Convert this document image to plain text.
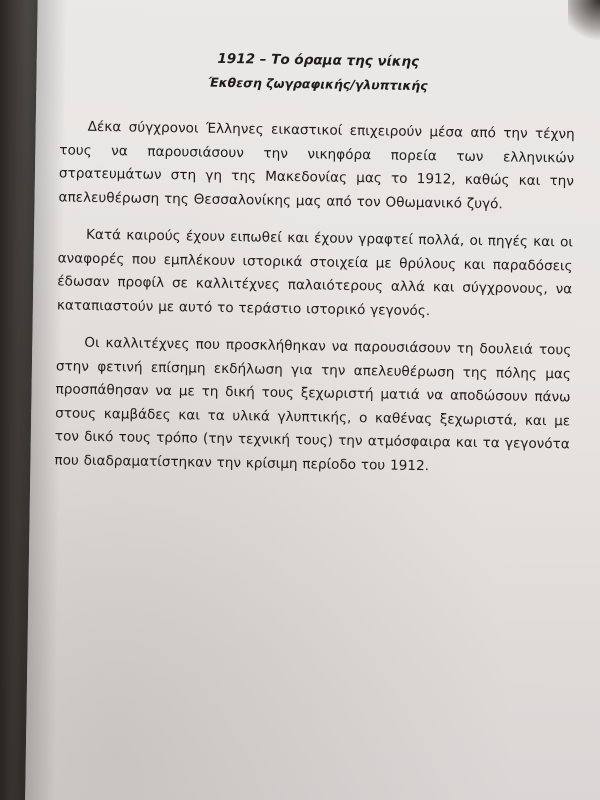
1912 – Το όραμα της νίκης

Έκθεση ζωγραφικής/γλυπτικής

Δέκα σύγχρονοι Έλληνες εικαστικοί επιχειρούν μέσα από την τέχνη τους να παρουσιάσουν την νικηφόρα πορεία των ελληνικών στρατευμάτων στη γη της Μακεδονίας μας το 1912, καθώς και την απελευθέρωση της Θεσσαλονίκης μας από τον Οθωμανικό ζυγό.

Κατά καιρούς έχουν ειπωθεί και έχουν γραφτεί πολλά, οι πηγές και οι αναφορές που εμπλέκουν ιστορικά στοιχεία με θρύλους και παραδόσεις έδωσαν προφίλ σε καλλιτέχνες παλαιότερους αλλά και σύγχρονους, να καταπιαστούν με αυτό το τεράστιο ιστορικό γεγονός.

Οι καλλιτέχνες που προσκλήθηκαν να παρουσιάσουν τη δουλειά τους στην φετινή επίσημη εκδήλωση για την απελευθέρωση της πόλης μας προσπάθησαν να με τη δική τους ξεχωριστή ματιά να αποδώσουν πάνω στους καμβάδες και τα υλικά γλυπτικής, ο καθένας ξεχωριστά, και με τον δικό τους τρόπο (την τεχνική τους) την ατμόσφαιρα και τα γεγονότα που διαδραματίστηκαν την κρίσιμη περίοδο του 1912.
